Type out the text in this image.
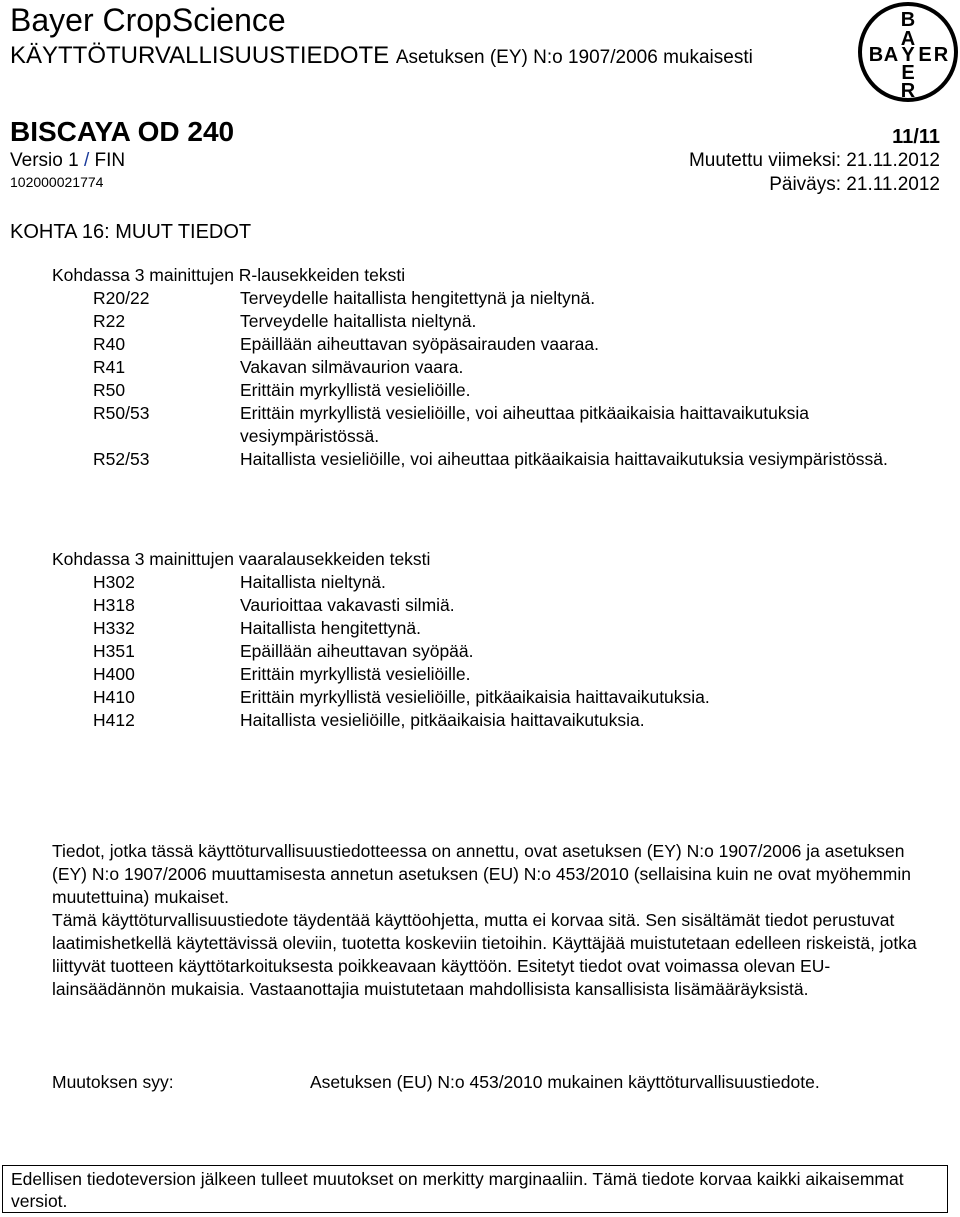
Bayer CropScience
KÄYTTÖTURVALLISUUSTIEDOTE Asetuksen (EY) N:o 1907/2006 mukaisesti
B
A
B A Y E R
E
R
BISCAYA OD 240	11/11
Versio 1 / FIN	Muutettu viimeksi: 21.11.2012
102000021774	Päiväys: 21.11.2012
KOHTA 16: MUUT TIEDOT
Kohdassa 3 mainittujen R-lausekkeiden teksti
R20/22	Terveydelle haitallista hengitettynä ja nieltynä.
R22	Terveydelle haitallista nieltynä.
R40	Epäillään aiheuttavan syöpäsairauden vaaraa.
R41	Vakavan silmävaurion vaara.
R50	Erittäin myrkyllistä vesieliöille.
R50/53	Erittäin myrkyllistä vesieliöille, voi aiheuttaa pitkäaikaisia haittavaikutuksia vesiympäristössä.
R52/53	Haitallista vesieliöille, voi aiheuttaa pitkäaikaisia haittavaikutuksia vesiympäristössä.
Kohdassa 3 mainittujen vaaralausekkeiden teksti
H302	Haitallista nieltynä.
H318	Vaurioittaa vakavasti silmiä.
H332	Haitallista hengitettynä.
H351	Epäillään aiheuttavan syöpää.
H400	Erittäin myrkyllistä vesieliöille.
H410	Erittäin myrkyllistä vesieliöille, pitkäaikaisia haittavaikutuksia.
H412	Haitallista vesieliöille, pitkäaikaisia haittavaikutuksia.

Tiedot, jotka tässä käyttöturvallisuustiedotteessa on annettu, ovat asetuksen (EY) N:o 1907/2006 ja asetuksen (EY) N:o 1907/2006 muuttamisesta annetun asetuksen (EU) N:o 453/2010 (sellaisina kuin ne ovat myöhemmin muutettuina) mukaiset.

Tämä käyttöturvallisuustiedote täydentää käyttöohjetta, mutta ei korvaa sitä. Sen sisältämät tiedot perustuvat laatimishetkellä käytettävissä oleviin, tuotetta koskeviin tietoihin. Käyttäjää muistutetaan edelleen riskeistä, jotka liittyvät tuotteen käyttötarkoituksesta poikkeavaan käyttöön. Esitetyt tiedot ovat voimassa olevan EU-lainsäädännön mukaisia. Vastaanottajia muistutetaan mahdollisista kansallisista lisämääräyksistä.

Muutoksen syy:	Asetuksen (EU) N:o 453/2010 mukainen käyttöturvallisuustiedote.
Edellisen tiedoteversion jälkeen tulleet muutokset on merkitty marginaaliin. Tämä tiedote korvaa kaikki aikaisemmat versiot.
